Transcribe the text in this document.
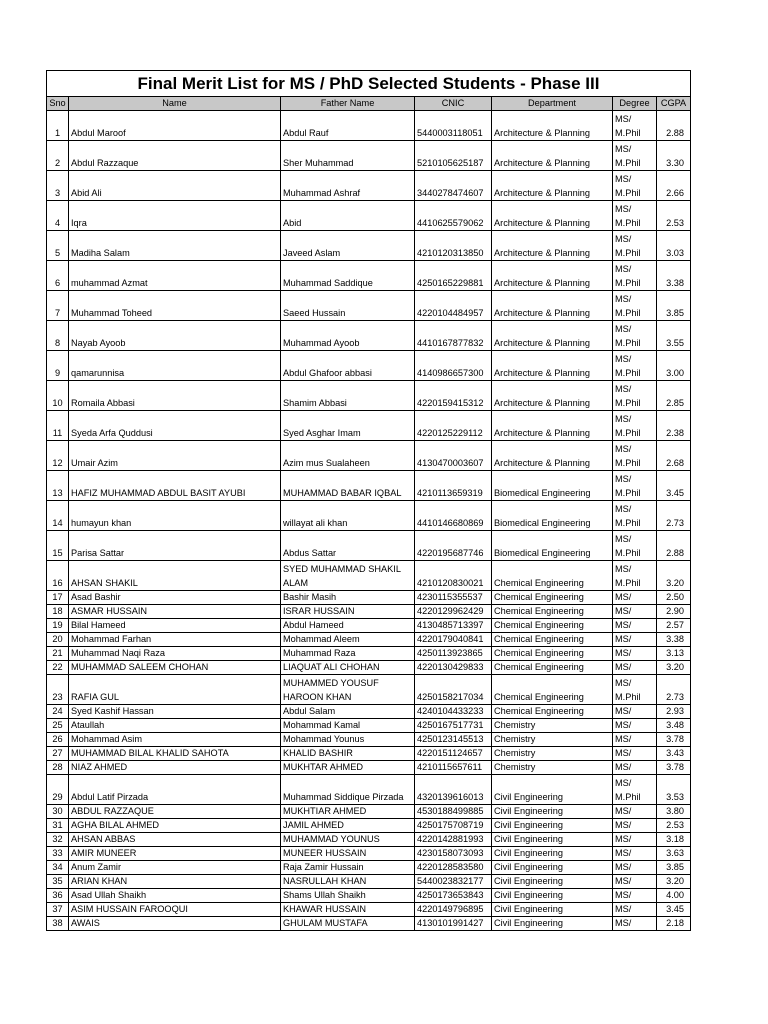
Final Merit List for MS / PhD Selected Students - Phase III						
Sno	Name	Father Name	CNIC	Department	Degree	CGPA
1	Abdul Maroof	Abdul Rauf	5440003118051	Architecture & Planning	MS/ M.Phil	2.88
2	Abdul Razzaque	Sher Muhammad	5210105625187	Architecture & Planning	MS/ M.Phil	3.30
3	Abid Ali	Muhammad Ashraf	3440278474607	Architecture & Planning	MS/ M.Phil	2.66
4	Iqra	Abid	4410625579062	Architecture & Planning	MS/ M.Phil	2.53
5	Madiha Salam	Javeed Aslam	4210120313850	Architecture & Planning	MS/ M.Phil	3.03
6	muhammad Azmat	Muhammad Saddique	4250165229881	Architecture & Planning	MS/ M.Phil	3.38
7	Muhammad Toheed	Saeed Hussain	4220104484957	Architecture & Planning	MS/ M.Phil	3.85
8	Nayab Ayoob	Muhammad Ayoob	4410167877832	Architecture & Planning	MS/ M.Phil	3.55
9	qamarunnisa	Abdul Ghafoor abbasi	4140986657300	Architecture & Planning	MS/ M.Phil	3.00
10	Romaila Abbasi	Shamim Abbasi	4220159415312	Architecture & Planning	MS/ M.Phil	2.85
11	Syeda Arfa Quddusi	Syed Asghar Imam	4220125229112	Architecture & Planning	MS/ M.Phil	2.38
12	Umair Azim	Azim mus Sualaheen	4130470003607	Architecture & Planning	MS/ M.Phil	2.68
13	HAFIZ MUHAMMAD ABDUL BASIT AYUBI	MUHAMMAD BABAR IQBAL	4210113659319	Biomedical Engineering	MS/ M.Phil	3.45
14	humayun khan	willayat ali khan	4410146680869	Biomedical Engineering	MS/ M.Phil	2.73
15	Parisa Sattar	Abdus Sattar	4220195687746	Biomedical Engineering	MS/ M.Phil	2.88
16	AHSAN SHAKIL	SYED MUHAMMAD SHAKIL ALAM	4210120830021	Chemical Engineering	MS/ M.Phil	3.20
17	Asad Bashir	Bashir Masih	4230115355537	Chemical Engineering	MS/	2.50
18	ASMAR HUSSAIN	ISRAR HUSSAIN	4220129962429	Chemical Engineering	MS/	2.90
19	Bilal Hameed	Abdul Hameed	4130485713397	Chemical Engineering	MS/	2.57
20	Mohammad Farhan	Mohammad Aleem	4220179040841	Chemical Engineering	MS/	3.38
21	Muhammad Naqi Raza	Muhammad Raza	4250113923865	Chemical Engineering	MS/	3.13
22	MUHAMMAD SALEEM CHOHAN	LIAQUAT ALI CHOHAN	4220130429833	Chemical Engineering	MS/	3.20
23	RAFIA GUL	MUHAMMED YOUSUF HAROON KHAN	4250158217034	Chemical Engineering	MS/ M.Phil	2.73
24	Syed Kashif Hassan	Abdul Salam	4240104433233	Chemical Engineering	MS/	2.93
25	Ataullah	Mohammad Kamal	4250167517731	Chemistry	MS/	3.48
26	Mohammad Asim	Mohammad Younus	4250123145513	Chemistry	MS/	3.78
27	MUHAMMAD BILAL KHALID SAHOTA	KHALID BASHIR	4220151124657	Chemistry	MS/	3.43
28	NIAZ AHMED	MUKHTAR AHMED	4210115657611	Chemistry	MS/	3.78
29	Abdul Latif Pirzada	Muhammad Siddique Pirzada	4320139616013	Civil Engineering	MS/ M.Phil	3.53
30	ABDUL RAZZAQUE	MUKHTIAR AHMED	4530188499885	Civil Engineering	MS/	3.80
31	AGHA BILAL AHMED	JAMIL AHMED	4250175708719	Civil Engineering	MS/	2.53
32	AHSAN ABBAS	MUHAMMAD YOUNUS	4220142881993	Civil Engineering	MS/	3.18
33	AMIR MUNEER	MUNEER HUSSAIN	4230158073093	Civil Engineering	MS/	3.63
34	Anum Zamir	Raja Zamir Hussain	4220128583580	Civil Engineering	MS/	3.85
35	ARIAN KHAN	NASRULLAH KHAN	5440023832177	Civil Engineering	MS/	3.20
36	Asad Ullah Shaikh	Shams Ullah Shaikh	4250173653843	Civil Engineering	MS/	4.00
37	ASIM HUSSAIN FAROOQUI	KHAWAR HUSSAIN	4220149796895	Civil Engineering	MS/	3.45
38	AWAIS	GHULAM MUSTAFA	4130101991427	Civil Engineering	MS/	2.18
